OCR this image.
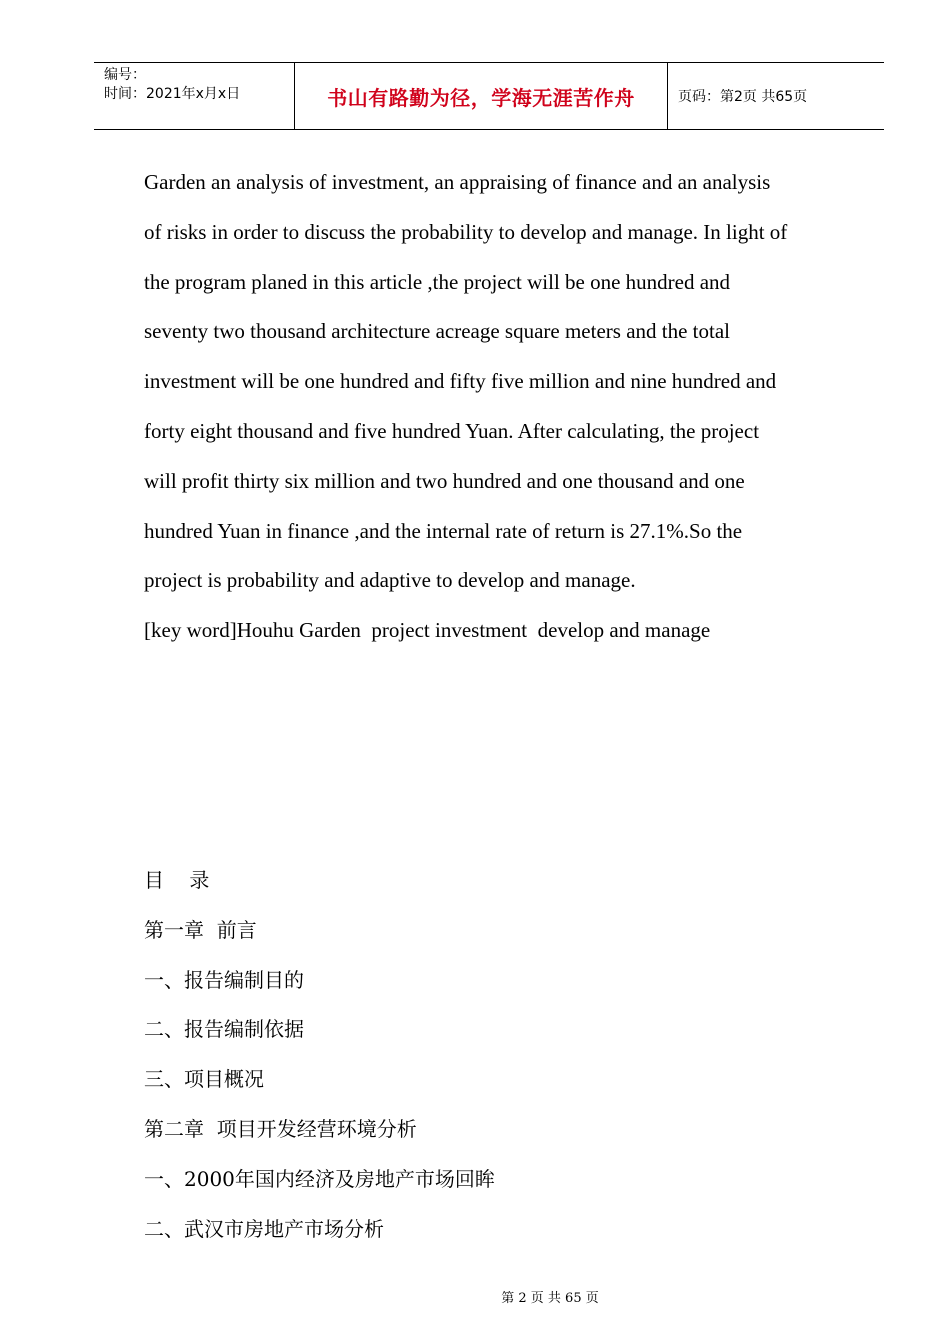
编号：
时间：2021年x月x日	书山有路勤为径，学海无涯苦作舟	页码：第2页 共65页

Garden an analysis of investment, an appraising of finance and an analysis

of risks in order to discuss the probability to develop and manage. In light of

the program planed in this article ,the project will be one hundred and

seventy two thousand architecture acreage square meters and the total

investment will be one hundred and fifty five million and nine hundred and

forty eight thousand and five hundred Yuan. After calculating, the project

will profit thirty six million and two hundred and one thousand and one

hundred Yuan in finance ,and the internal rate of return is 27.1%.So the

project is probability and adaptive to develop and manage.

[key word]Houhu Garden  project investment  develop and manage
目    录
第一章  前言
一、报告编制目的
二、报告编制依据
三、项目概况
第二章  项目开发经营环境分析
一、2000年国内经济及房地产市场回眸
二、武汉市房地产市场分析
第 2 页 共 65 页
